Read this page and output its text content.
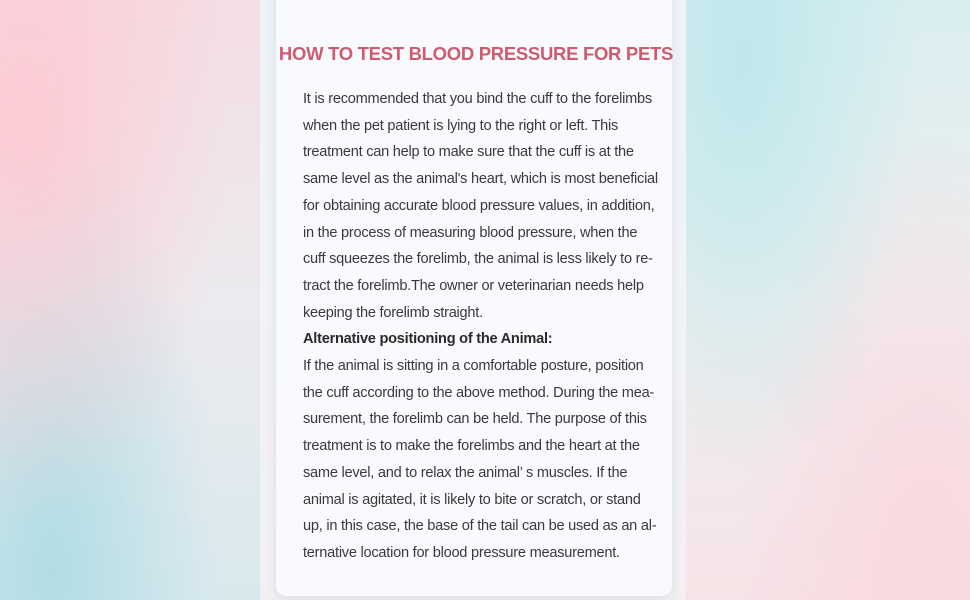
HOW TO TEST BLOOD PRESSURE FOR PETS

It is recommended that you bind the cuff to the forelimbs when the pet patient is lying to the right or left. This treatment can help to make sure that the cuff is at the same level as the animal's heart, which is most beneficial for obtaining accurate blood pressure values, in addition, in the process of measuring blood pressure, when the cuff squeezes the forelimb, the animal is less likely to re-tract the forelimb.The owner or veterinarian needs help keeping the forelimb straight.

Alternative positioning of the Animal:

If the animal is sitting in a comfortable posture, position the cuff according to the above method. During the mea-surement, the forelimb can be held. The purpose of this treatment is to make the forelimbs and the heart at the same level, and to relax the animal’ s muscles. If the animal is agitated, it is likely to bite or scratch, or stand up, in this case, the base of the tail can be used as an al-ternative location for blood pressure measurement.
